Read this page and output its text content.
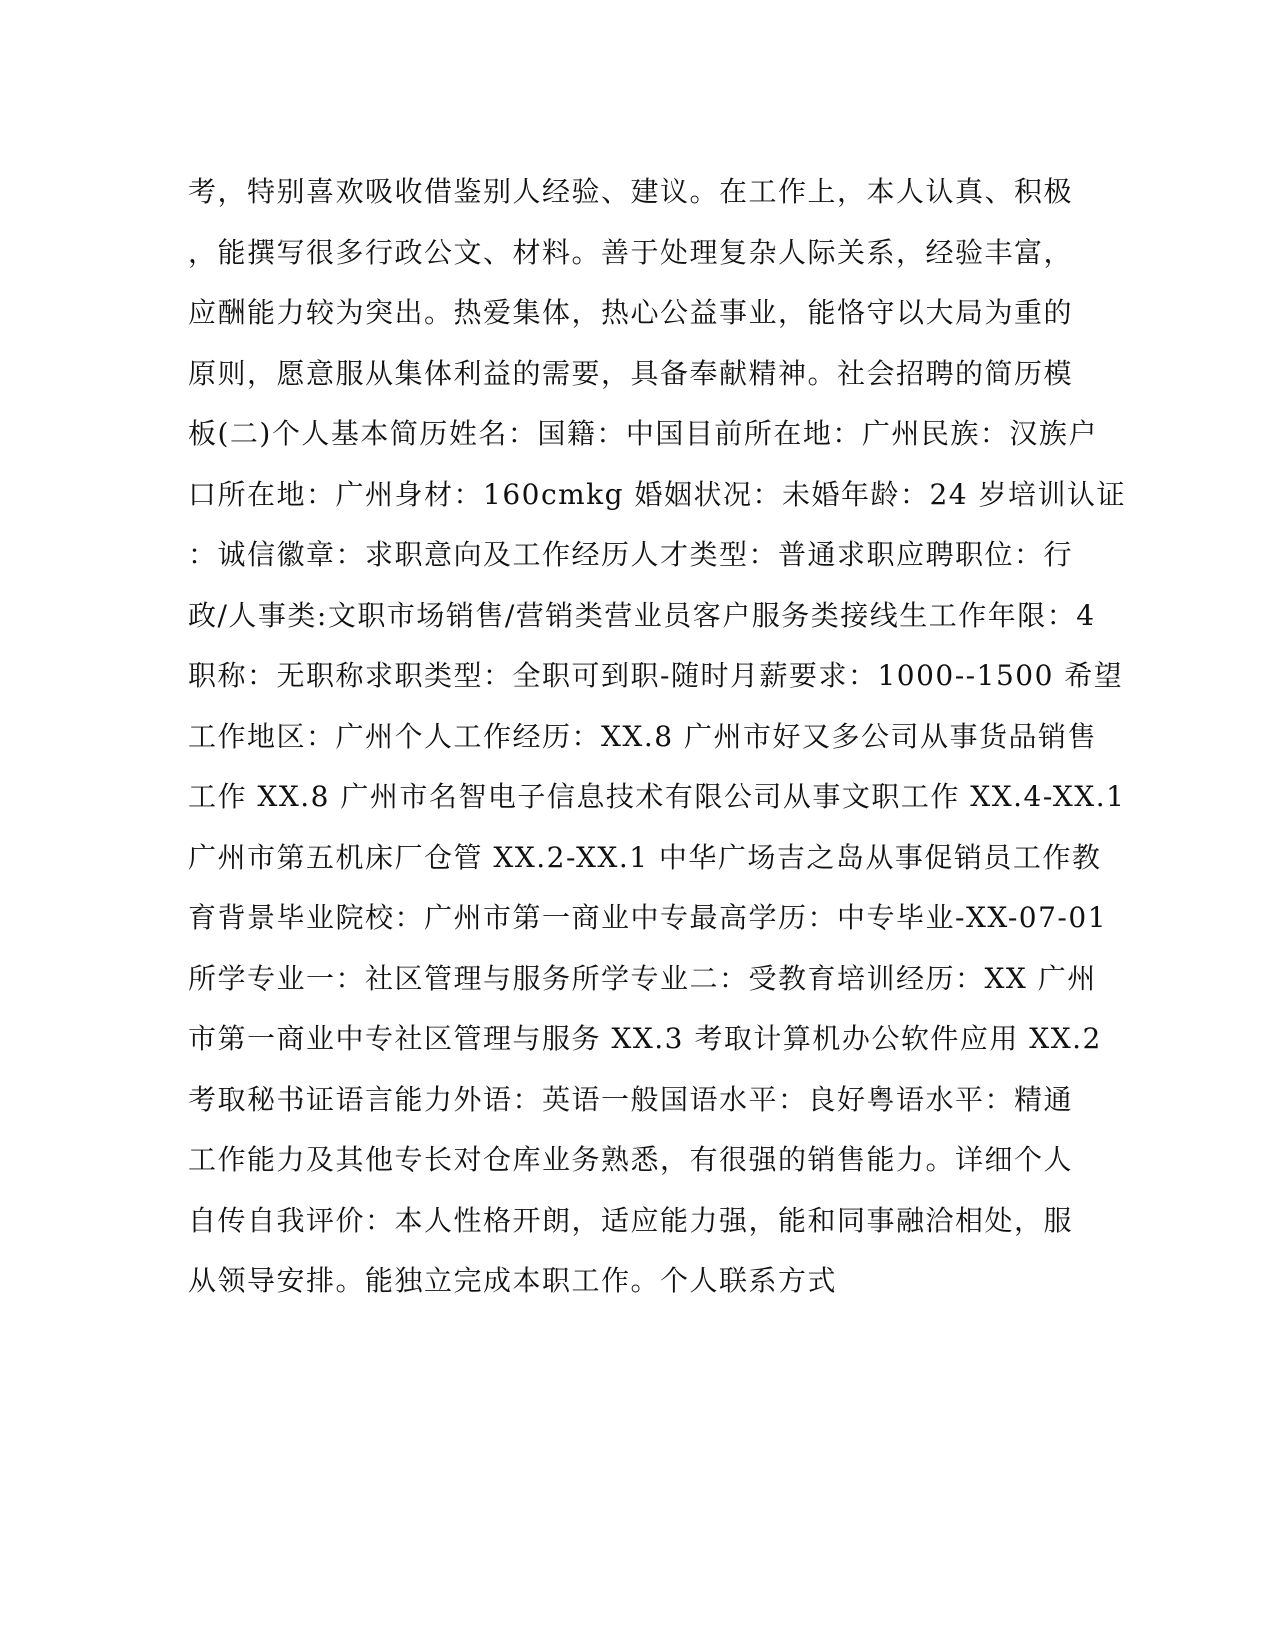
考，特别喜欢吸收借鉴别人经验、建议。在工作上，本人认真、积极
，能撰写很多行政公文、材料。善于处理复杂人际关系，经验丰富，
应酬能力较为突出。热爱集体，热心公益事业，能恪守以大局为重的
原则，愿意服从集体利益的需要，具备奉献精神。社会招聘的简历模
板(二)个人基本简历姓名：国籍：中国目前所在地：广州民族：汉族户
口所在地：广州身材：160cmkg 婚姻状况：未婚年龄：24 岁培训认证
：诚信徽章：求职意向及工作经历人才类型：普通求职应聘职位：行
政/人事类:文职市场销售/营销类营业员客户服务类接线生工作年限：4
职称：无职称求职类型：全职可到职-随时月薪要求：1000--1500 希望
工作地区：广州个人工作经历：XX.8 广州市好又多公司从事货品销售
工作 XX.8 广州市名智电子信息技术有限公司从事文职工作 XX.4-XX.1
广州市第五机床厂仓管 XX.2-XX.1 中华广场吉之岛从事促销员工作教
育背景毕业院校：广州市第一商业中专最高学历：中专毕业-XX-07-01
所学专业一：社区管理与服务所学专业二：受教育培训经历：XX 广州
市第一商业中专社区管理与服务 XX.3 考取计算机办公软件应用 XX.2
考取秘书证语言能力外语：英语一般国语水平：良好粤语水平：精通
工作能力及其他专长对仓库业务熟悉，有很强的销售能力。详细个人
自传自我评价：本人性格开朗，适应能力强，能和同事融洽相处，服
从领导安排。能独立完成本职工作。个人联系方式
